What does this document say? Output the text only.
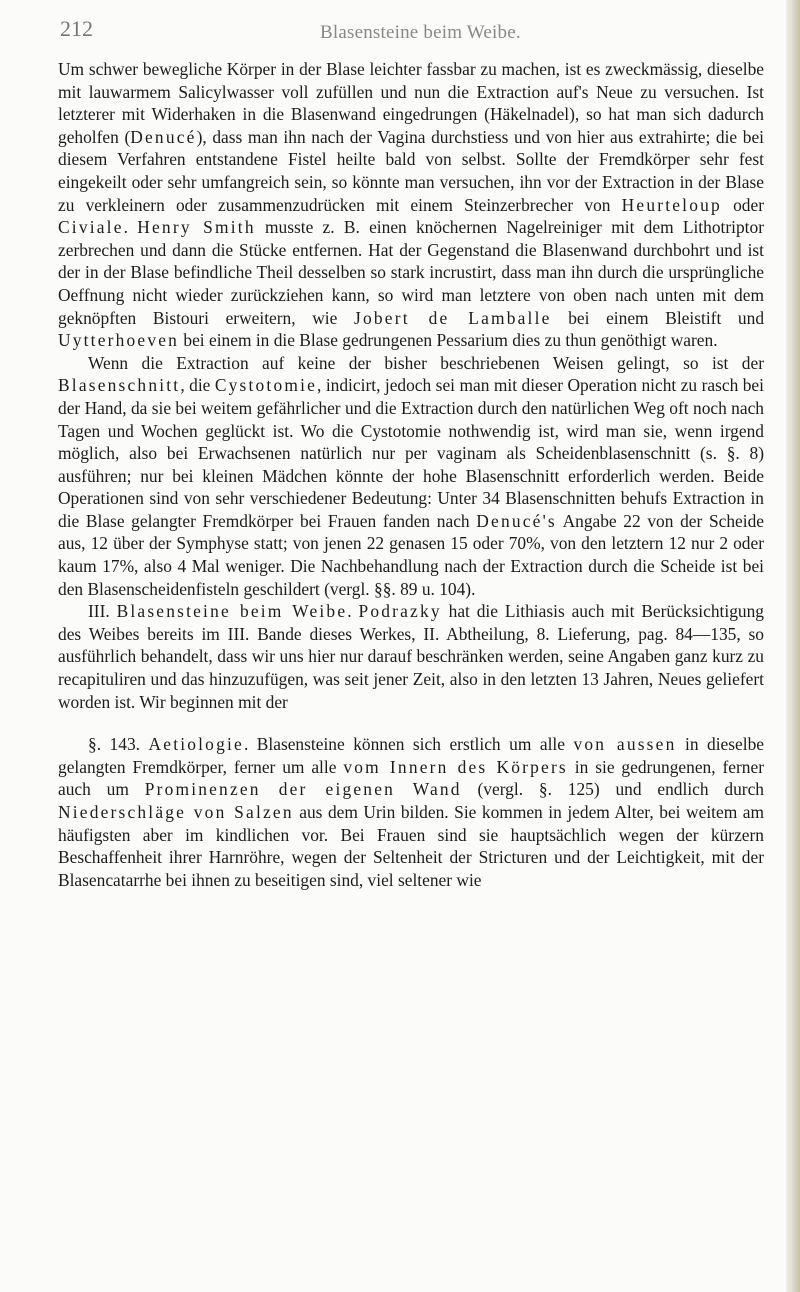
212	Blasensteine beim Weibe.

Um schwer bewegliche Körper in der Blase leichter fassbar zu machen, ist es zweckmässig, dieselbe mit lauwarmem Salicylwasser voll zufüllen und nun die Extraction auf's Neue zu versuchen. Ist letzterer mit Widerhaken in die Blasenwand eingedrungen (Häkelnadel), so hat man sich dadurch geholfen (Denucé), dass man ihn nach der Vagina durchstiess und von hier aus extrahirte; die bei diesem Verfahren entstandene Fistel heilte bald von selbst. Sollte der Fremdkörper sehr fest eingekeilt oder sehr umfangreich sein, so könnte man versuchen, ihn vor der Extraction in der Blase zu verkleinern oder zusammenzudrücken mit einem Steinzerbrecher von Heurteloup oder Civiale. Henry Smith musste z. B. einen knöchernen Nagelreiniger mit dem Lithotriptor zerbrechen und dann die Stücke entfernen. Hat der Gegenstand die Blasenwand durchbohrt und ist der in der Blase befindliche Theil desselben so stark incrustirt, dass man ihn durch die ursprüngliche Oeffnung nicht wieder zurückziehen kann, so wird man letztere von oben nach unten mit dem geknöpften Bistouri erweitern, wie Jobert de Lamballe bei einem Bleistift und Uytterhoeven bei einem in die Blase gedrungenen Pessarium dies zu thun genöthigt waren.

Wenn die Extraction auf keine der bisher beschriebenen Weisen gelingt, so ist der Blasenschnitt, die Cystotomie, indicirt, jedoch sei man mit dieser Operation nicht zu rasch bei der Hand, da sie bei weitem gefährlicher und die Extraction durch den natürlichen Weg oft noch nach Tagen und Wochen geglückt ist. Wo die Cystotomie nothwendig ist, wird man sie, wenn irgend möglich, also bei Erwachsenen natürlich nur per vaginam als Scheidenblasenschnitt (s. §. 8) ausführen; nur bei kleinen Mädchen könnte der hohe Blasenschnitt erforderlich werden. Beide Operationen sind von sehr verschiedener Bedeutung: Unter 34 Blasenschnitten behufs Extraction in die Blase gelangter Fremdkörper bei Frauen fanden nach Denucé's Angabe 22 von der Scheide aus, 12 über der Symphyse statt; von jenen 22 genasen 15 oder 70%, von den letztern 12 nur 2 oder kaum 17%, also 4 Mal weniger. Die Nachbehandlung nach der Extraction durch die Scheide ist bei den Blasenscheidenfisteln geschildert (vergl. §§. 89 u. 104).

III. Blasensteine beim Weibe. Podrazky hat die Lithiasis auch mit Berücksichtigung des Weibes bereits im III. Bande dieses Werkes, II. Abtheilung, 8. Lieferung, pag. 84—135, so ausführlich behandelt, dass wir uns hier nur darauf beschränken werden, seine Angaben ganz kurz zu recapituliren und das hinzuzufügen, was seit jener Zeit, also in den letzten 13 Jahren, Neues geliefert worden ist. Wir beginnen mit der

§. 143. Aetiologie. Blasensteine können sich erstlich um alle von aussen in dieselbe gelangten Fremdkörper, ferner um alle vom Innern des Körpers in sie gedrungenen, ferner auch um Prominenzen der eigenen Wand (vergl. §. 125) und endlich durch Niederschläge von Salzen aus dem Urin bilden. Sie kommen in jedem Alter, bei weitem am häufigsten aber im kindlichen vor. Bei Frauen sind sie hauptsächlich wegen der kürzern Beschaffenheit ihrer Harnröhre, wegen der Seltenheit der Stricturen und der Leichtigkeit, mit der Blasencatarrhe bei ihnen zu beseitigen sind, viel seltener wie
